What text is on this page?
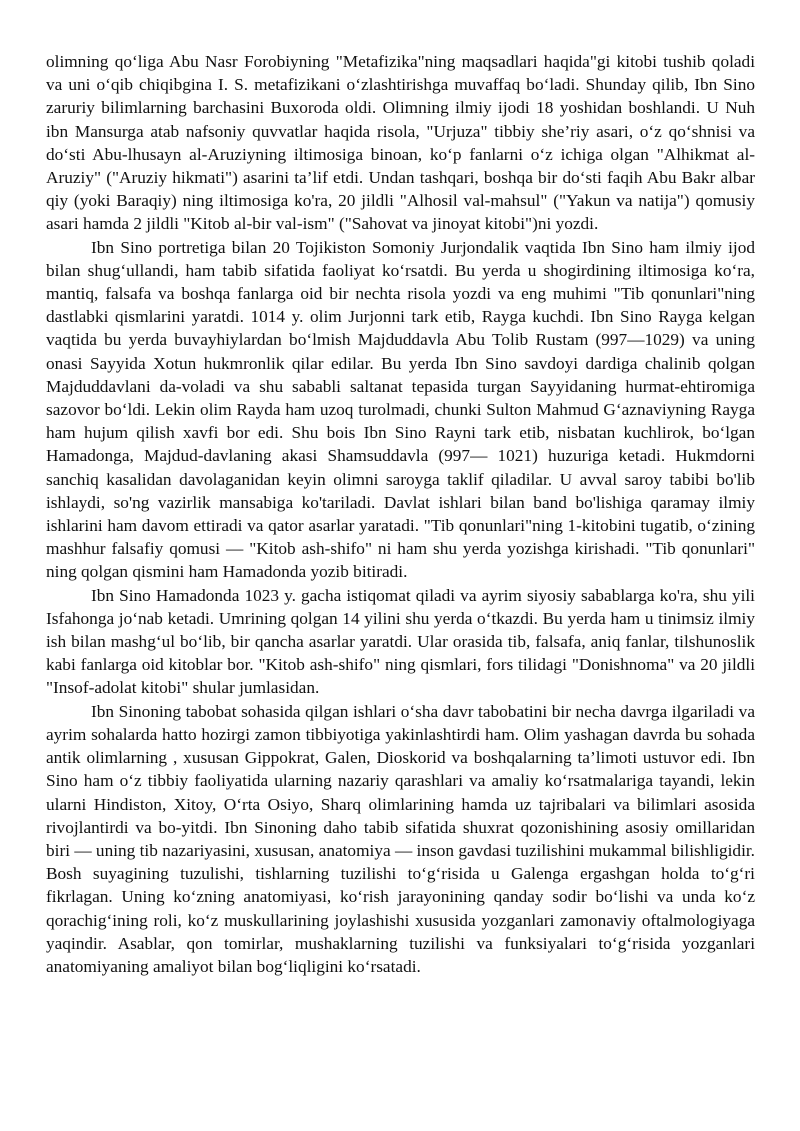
olimning qo‘liga Abu Nasr Forobiyning "Metafizika"ning maqsadlari haqida"gi kitobi tushib qoladi va uni o‘qib chiqibgina I. S. metafizikani o‘zlashtirishga muvaffaq bo‘ladi. Shunday qilib, Ibn Sino zaruriy bilimlarning barchasini Buxoroda oldi. Olimning ilmiy ijodi 18 yoshidan boshlandi. U Nuh ibn Mansurga atab nafsoniy quvvatlar haqida risola, "Urjuza" tibbiy she’riy asari, o‘z qo‘shnisi va do‘sti Abu-lhusayn al-Aruziyning iltimosiga binoan, ko‘p fanlarni o‘z ichiga olgan "Alhikmat al-Aruziy" ("Aruziy hikmati") asarini ta’lif etdi. Undan tashqari, boshqa bir do‘sti faqih Abu Bakr albar qiy (yoki Baraqiy) ning iltimosiga ko'ra, 20 jildli "Alhosil val-mahsul" ("Yakun va natija") qomusiy asari hamda 2 jildli "Kitob al-bir val-ism" ("Sahovat va jinoyat kitobi")ni yozdi.

Ibn Sino portretiga bilan 20 Tojikiston Somoniy Jurjondalik vaqtida Ibn Sino ham ilmiy ijod bilan shug‘ullandi, ham tabib sifatida faoliyat ko‘rsatdi. Bu yerda u shogirdining iltimosiga ko‘ra, mantiq, falsafa va boshqa fanlarga oid bir nechta risola yozdi va eng muhimi "Tib qonunlari"ning dastlabki qismlarini yaratdi. 1014 y. olim Jurjonni tark etib, Rayga kuchdi. Ibn Sino Rayga kelgan vaqtida bu yerda buvayhiylardan bo‘lmish Majduddavla Abu Tolib Rustam (997—1029) va uning onasi Sayyida Xotun hukmronlik qilar edilar. Bu yerda Ibn Sino savdoyi dardiga chalinib qolgan Majduddavlani da-voladi va shu sababli saltanat tepasida turgan Sayyidaning hurmat-ehtiromiga sazovor bo‘ldi. Lekin olim Rayda ham uzoq turolmadi, chunki Sulton Mahmud G‘aznaviyning Rayga ham hujum qilish xavfi bor edi. Shu bois Ibn Sino Rayni tark etib, nisbatan kuchlirok, bo‘lgan Hamadonga, Majdud-davlaning akasi Shamsuddavla (997— 1021) huzuriga ketadi. Hukmdorni sanchiq kasalidan davolaganidan keyin olimni saroyga taklif qiladilar. U avval saroy tabibi bo'lib ishlaydi, so'ng vazirlik mansabiga ko'tariladi. Davlat ishlari bilan band bo'lishiga qaramay ilmiy ishlarini ham davom ettiradi va qator asarlar yaratadi. "Tib qonunlari"ning 1-kitobini tugatib, o‘zining mashhur falsafiy qomusi — "Kitob ash-shifo" ni ham shu yerda yozishga kirishadi. "Tib qonunlari" ning qolgan qismini ham Hamadonda yozib bitiradi.

Ibn Sino Hamadonda 1023 y. gacha istiqomat qiladi va ayrim siyosiy sabablarga ko'ra, shu yili Isfahonga jo‘nab ketadi. Umrining qolgan 14 yilini shu yerda o‘tkazdi. Bu yerda ham u tinimsiz ilmiy ish bilan mashg‘ul bo‘lib, bir qancha asarlar yaratdi. Ular orasida tib, falsafa, aniq fanlar, tilshunoslik kabi fanlarga oid kitoblar bor. "Kitob ash-shifo" ning qismlari, fors tilidagi "Donishnoma" va 20 jildli "Insof-adolat kitobi" shular jumlasidan.

Ibn Sinoning tabobat sohasida qilgan ishlari o‘sha davr tabobatini bir necha davrga ilgariladi va ayrim sohalarda hatto hozirgi zamon tibbiyotiga yakinlashtirdi ham. Olim yashagan davrda bu sohada antik olimlarning , xususan Gippokrat, Galen, Dioskorid va boshqalarning ta’limoti ustuvor edi. Ibn Sino ham o‘z tibbiy faoliyatida ularning nazariy qarashlari va amaliy ko‘rsatmalariga tayandi, lekin ularni Hindiston, Xitoy, O‘rta Osiyo, Sharq olimlarining hamda uz tajribalari va bilimlari asosida rivojlantirdi va bo-yitdi. Ibn Sinoning daho tabib sifatida shuxrat qozonishining asosiy omillaridan biri — uning tib nazariyasini, xususan, anatomiya — inson gavdasi tuzilishini mukammal bilishligidir. Bosh suyagining tuzulishi, tishlarning tuzilishi to‘g‘risida u Galenga ergashgan holda to‘g‘ri fikrlagan. Uning ko‘zning anatomiyasi, ko‘rish jarayonining qanday sodir bo‘lishi va unda ko‘z qorachig‘ining roli, ko‘z muskullarining joylashishi xususida yozganlari zamonaviy oftalmologiyaga yaqindir. Asablar, qon tomirlar, mushaklarning tuzilishi va funksiyalari to‘g‘risida yozganlari anatomiyaning amaliyot bilan bog‘liqligini ko‘rsatadi.
